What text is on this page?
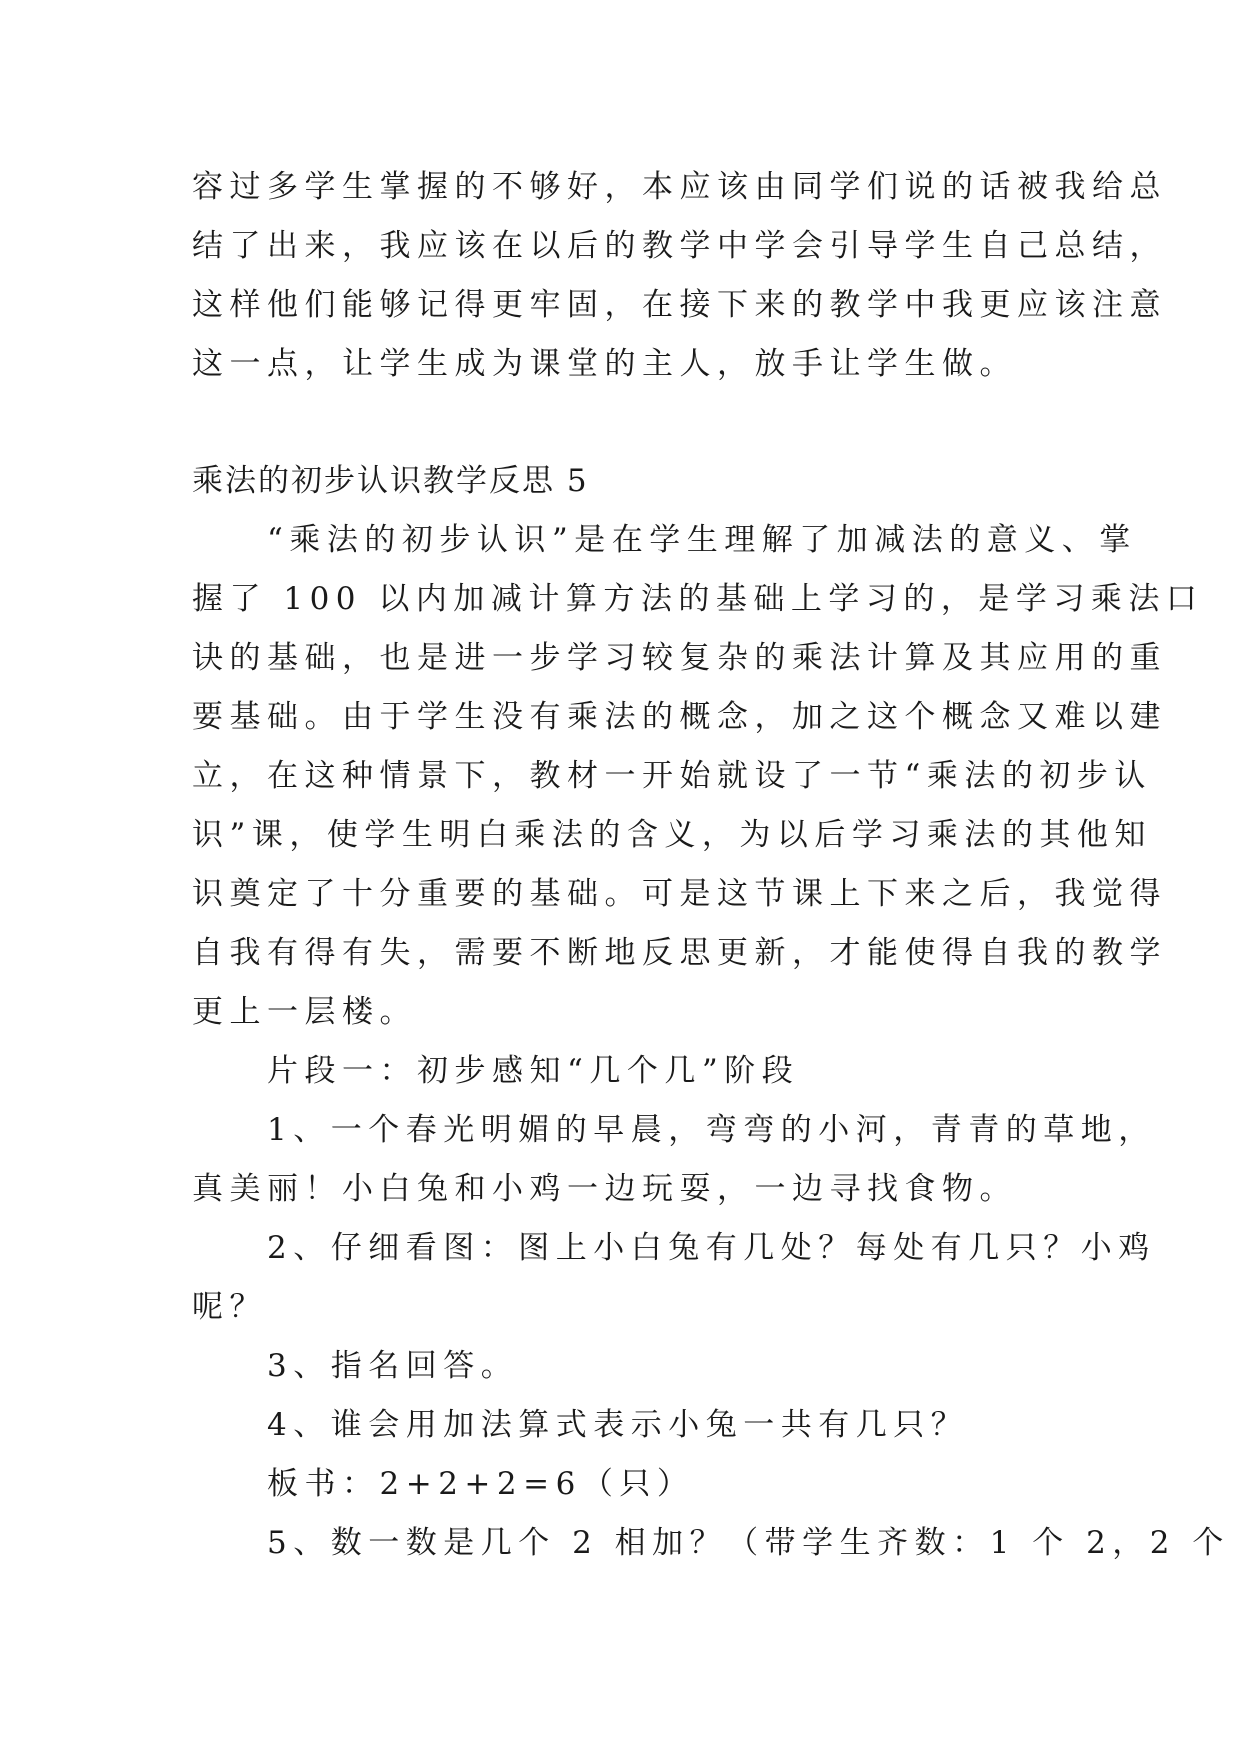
容过多学生掌握的不够好，本应该由同学们说的话被我给总

结了出来，我应该在以后的教学中学会引导学生自己总结，

这样他们能够记得更牢固，在接下来的教学中我更应该注意

这一点，让学生成为课堂的主人，放手让学生做。

乘法的初步认识教学反思 5

　　“乘法的初步认识”是在学生理解了加减法的意义、掌

握了 100 以内加减计算方法的基础上学习的，是学习乘法口

诀的基础，也是进一步学习较复杂的乘法计算及其应用的重

要基础。由于学生没有乘法的概念，加之这个概念又难以建

立，在这种情景下，教材一开始就设了一节“乘法的初步认

识”课，使学生明白乘法的含义，为以后学习乘法的其他知

识奠定了十分重要的基础。可是这节课上下来之后，我觉得

自我有得有失，需要不断地反思更新，才能使得自我的教学

更上一层楼。

　　片段一：初步感知“几个几”阶段

　　1、一个春光明媚的早晨，弯弯的小河，青青的草地，

真美丽！小白兔和小鸡一边玩耍，一边寻找食物。

　　2、仔细看图：图上小白兔有几处？每处有几只？小鸡

呢？

　　3、指名回答。

　　4、谁会用加法算式表示小兔一共有几只？

　　板书：2+2+2=6（只）

　　5、数一数是几个 2 相加？（带学生齐数：1 个 2，2 个
